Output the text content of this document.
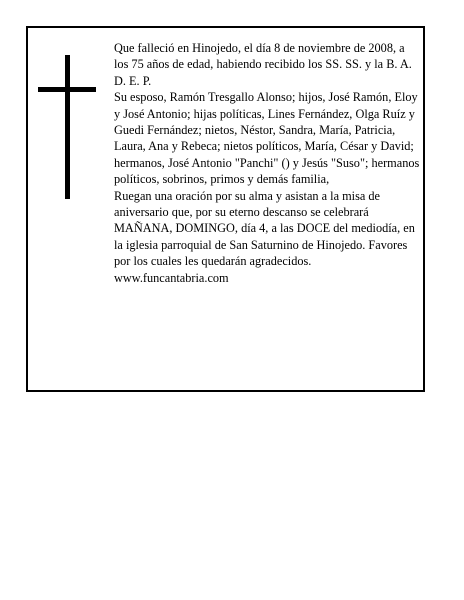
Que falleció en Hinojedo, el día 8 de noviembre de 2008, a los 75 años de edad, habiendo recibido los SS. SS. y la B. A.

D. E. P.

Su esposo, Ramón Tresgallo Alonso; hijos, José Ramón, Eloy y José Antonio; hijas políticas, Lines Fernández, Olga Ruíz y Guedi Fernández; nietos, Néstor, Sandra, María, Patricia, Laura, Ana y Rebeca; nietos políticos, María, César y David; hermanos, José Antonio "Panchi" () y Jesús "Suso"; hermanos políticos, sobrinos, primos y demás familia,

Ruegan una oración por su alma y asistan a la misa de aniversario que, por su eterno descanso se celebrará MAÑANA, DOMINGO, día 4, a las DOCE del mediodía, en la iglesia parroquial de San Saturnino de Hinojedo. Favores por los cuales les quedarán agradecidos.

www.funcantabria.com
